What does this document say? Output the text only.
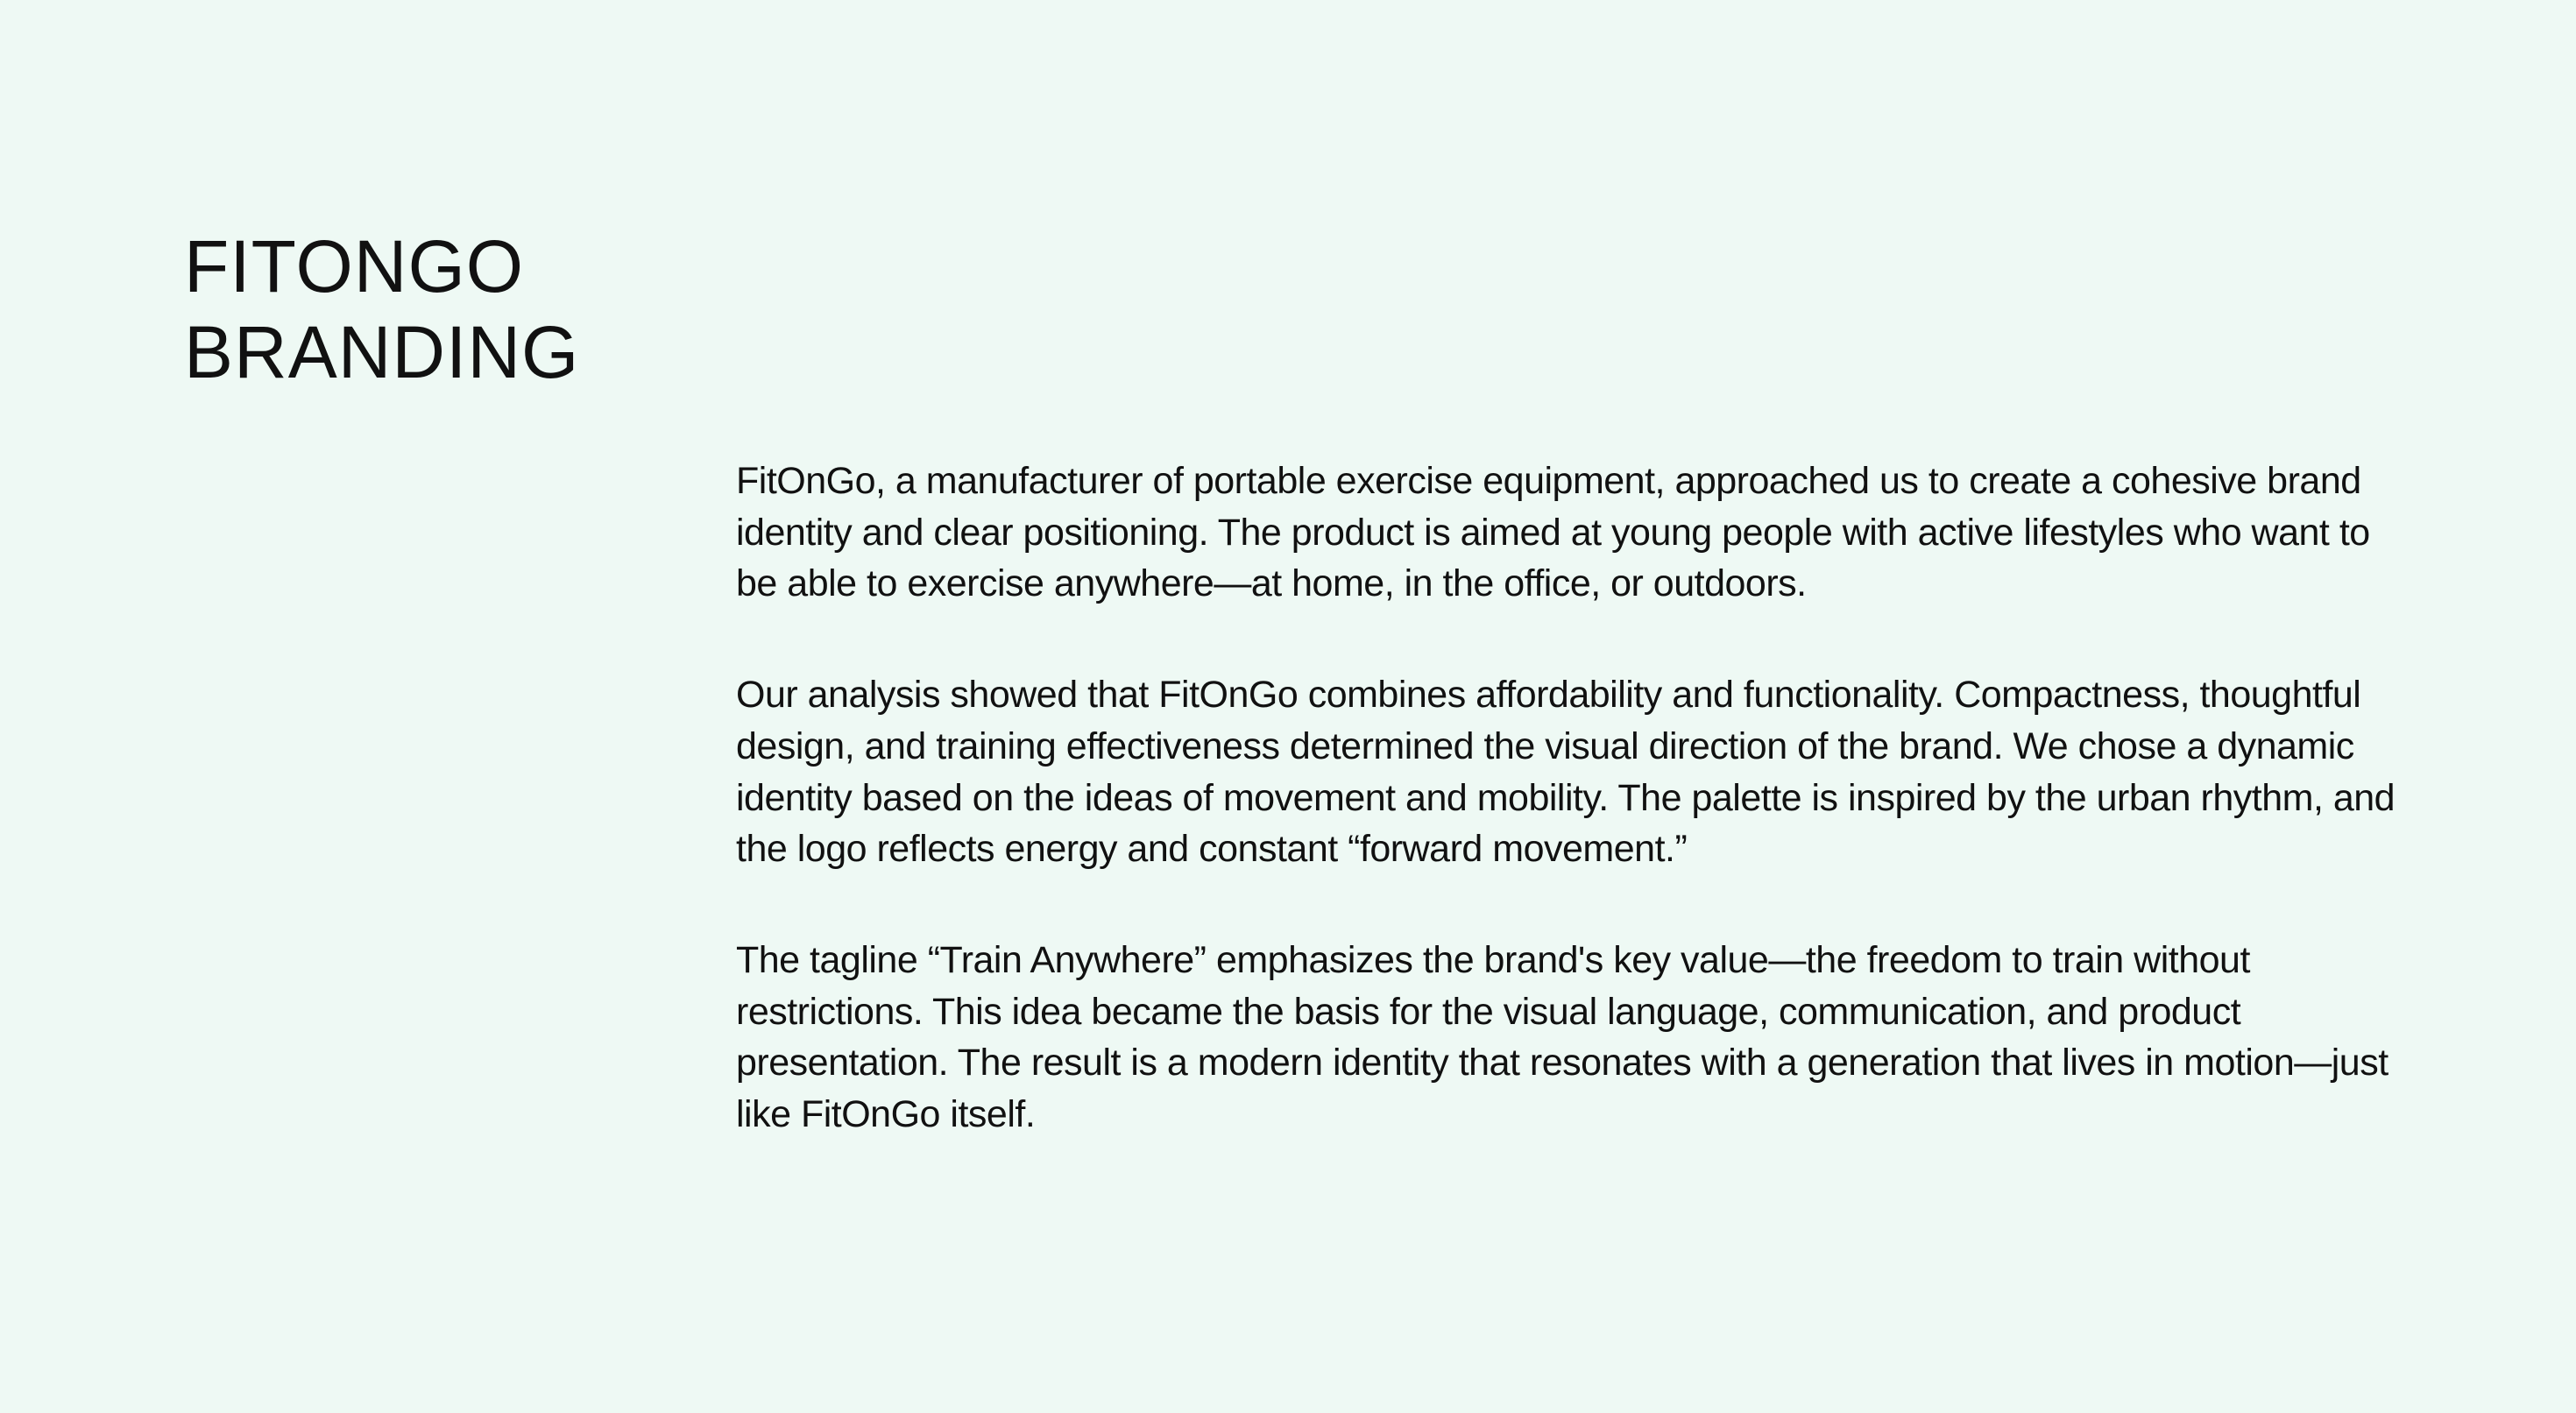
FITONGO
BRANDING

FitOnGo, a manufacturer of portable exercise equipment, approached us to create a cohesive brand identity and clear positioning. The product is aimed at young people with active lifestyles who want to be able to exercise anywhere—at home, in the office, or outdoors.

Our analysis showed that FitOnGo combines affordability and functionality. Compactness, thoughtful design, and training effectiveness determined the visual direction of the brand. We chose a dynamic identity based on the ideas of movement and mobility. The palette is inspired by the urban rhythm, and the logo reflects energy and constant “forward movement.”

The tagline “Train Anywhere” emphasizes the brand's key value—the freedom to train without restrictions. This idea became the basis for the visual language, communication, and product presentation. The result is a modern identity that resonates with a generation that lives in motion—just like FitOnGo itself.
